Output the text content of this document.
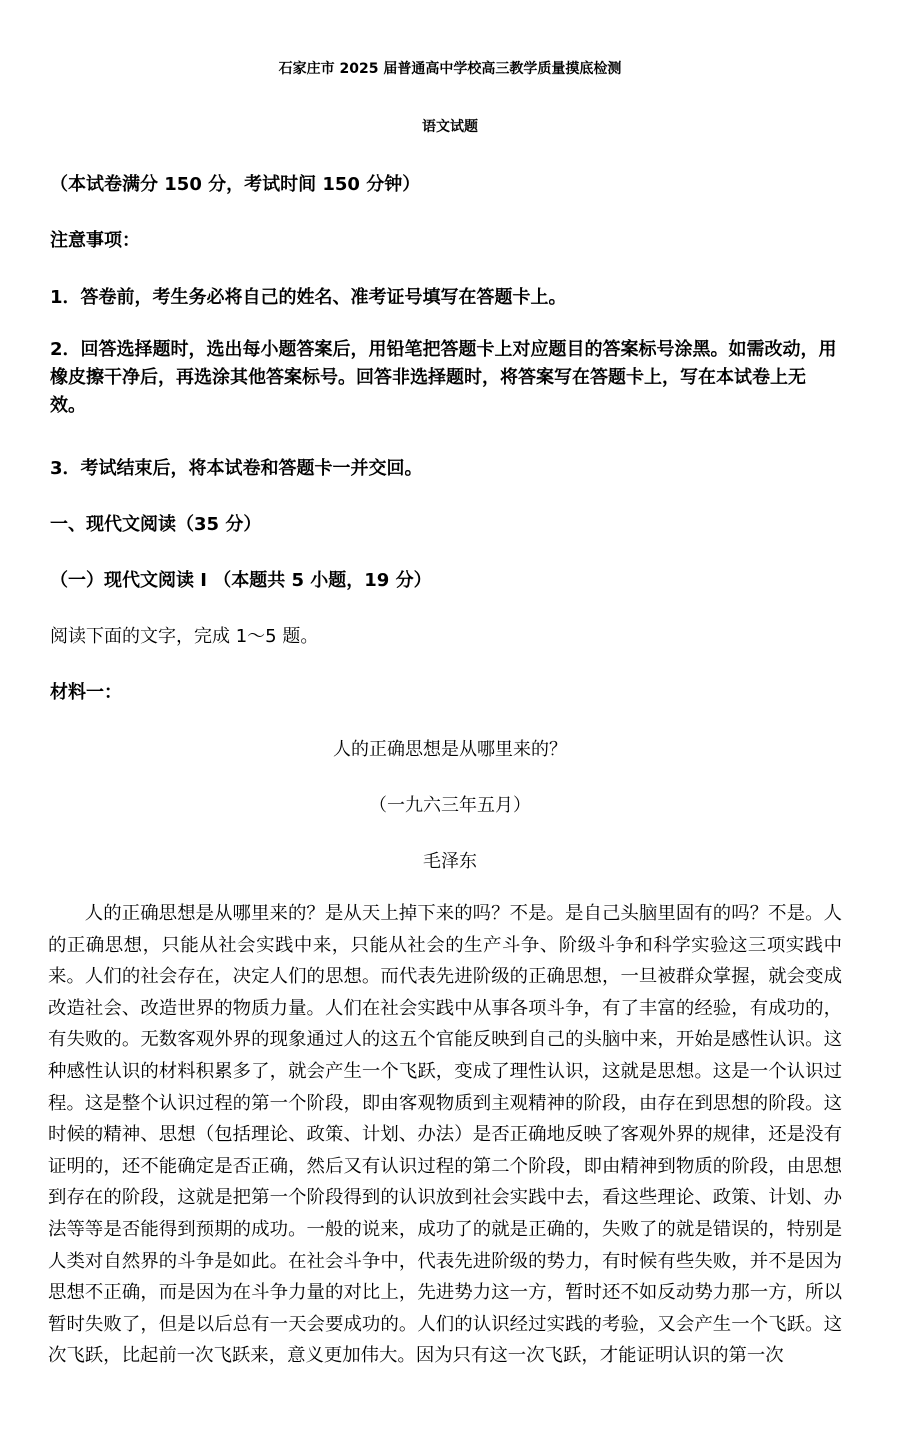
石家庄市 2025 届普通高中学校高三教学质量摸底检测
语文试题
（本试卷满分 150 分，考试时间 150 分钟）
注意事项：
1．答卷前，考生务必将自己的姓名、准考证号填写在答题卡上。
2．回答选择题时，选出每小题答案后，用铅笔把答题卡上对应题目的答案标号涂黑。如需改动，用橡皮擦干净后，再选涂其他答案标号。回答非选择题时，将答案写在答题卡上，写在本试卷上无效。
3．考试结束后，将本试卷和答题卡一并交回。
一、现代文阅读（35 分）
（一）现代文阅读 I （本题共 5 小题，19 分）
阅读下面的文字，完成 1～5 题。
材料一：
人的正确思想是从哪里来的？
（一九六三年五月）
毛泽东
人的正确思想是从哪里来的？是从天上掉下来的吗？不是。是自己头脑里固有的吗？不是。人的正确思想，只能从社会实践中来，只能从社会的生产斗争、阶级斗争和科学实验这三项实践中来。人们的社会存在，决定人们的思想。而代表先进阶级的正确思想，一旦被群众掌握，就会变成改造社会、改造世界的物质力量。人们在社会实践中从事各项斗争，有了丰富的经验，有成功的，有失败的。无数客观外界的现象通过人的这五个官能反映到自己的头脑中来，开始是感性认识。这种感性认识的材料积累多了，就会产生一个飞跃，变成了理性认识，这就是思想。这是一个认识过程。这是整个认识过程的第一个阶段，即由客观物质到主观精神的阶段，由存在到思想的阶段。这时候的精神、思想（包括理论、政策、计划、办法）是否正确地反映了客观外界的规律，还是没有证明的，还不能确定是否正确，然后又有认识过程的第二个阶段，即由精神到物质的阶段，由思想到存在的阶段，这就是把第一个阶段得到的认识放到社会实践中去，看这些理论、政策、计划、办法等等是否能得到预期的成功。一般的说来，成功了的就是正确的，失败了的就是错误的，特别是人类对自然界的斗争是如此。在社会斗争中，代表先进阶级的势力，有时候有些失败，并不是因为思想不正确，而是因为在斗争力量的对比上，先进势力这一方，暂时还不如反动势力那一方，所以暂时失败了，但是以后总有一天会要成功的。人们的认识经过实践的考验，又会产生一个飞跃。这次飞跃，比起前一次飞跃来，意义更加伟大。因为只有这一次飞跃，才能证明认识的第一次
